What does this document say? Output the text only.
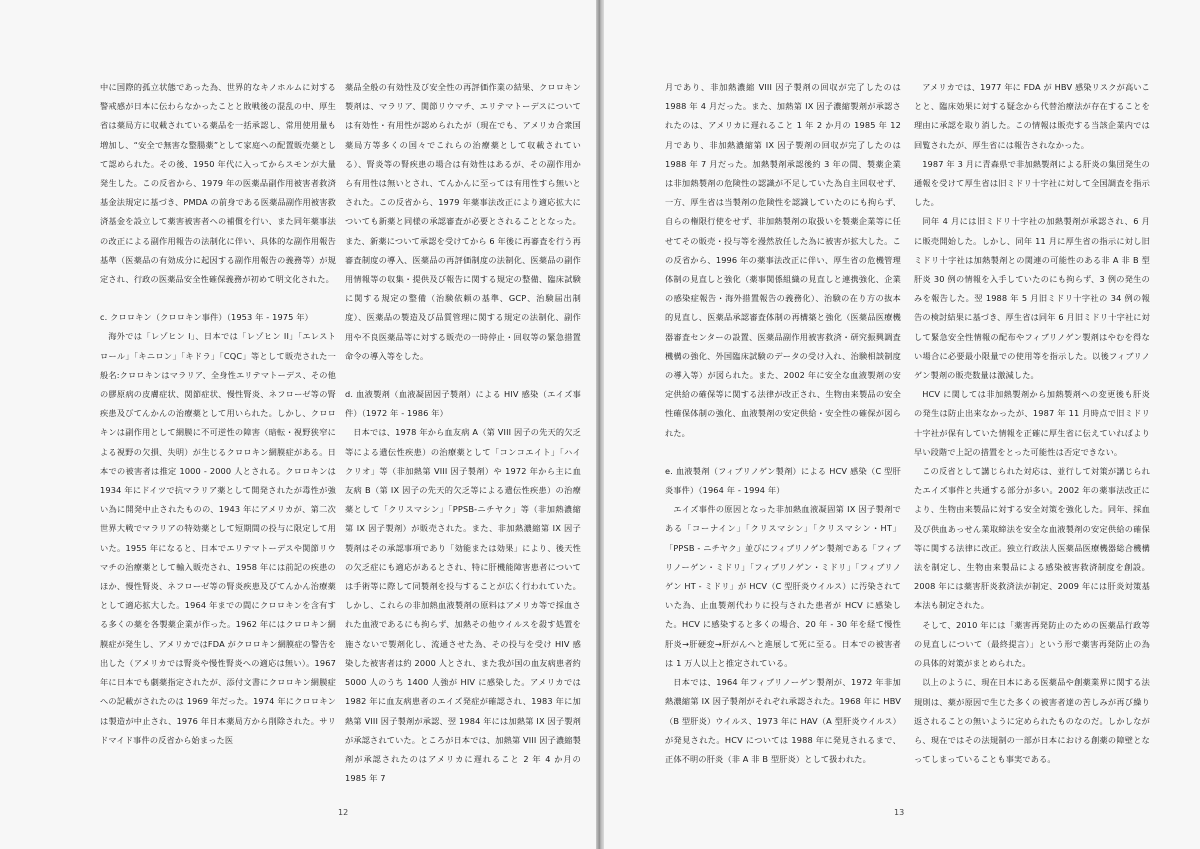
中に国際的孤立状態であった為、世界的なキノホルムに対する警戒感が日本に伝わらなかったことと敗戦後の混乱の中、厚生省は薬局方に収載されている薬品を一括承認し、常用使用量も増加し、“安全で無害な整腸薬”として家庭への配置販売薬として認められた。その後、1950 年代に入ってからスモンが大量発生した。この反省から、1979 年の医薬品副作用被害者救済基金法規定に基づき、PMDA の前身である医薬品副作用被害救済基金を設立して薬害被害者への補償を行い、また同年薬事法の改正による副作用報告の法制化に伴い、具体的な副作用報告基準（医薬品の有効成分に起因する副作用報告の義務等）が規定され、行政の医薬品安全性確保義務が初めて明文化された。

c. クロロキン（クロロキン事件）（1953 年 - 1975 年）

海外では「レゾヒン I」、日本では「レゾヒン II」「エレストロール」「キニロン」「キドラ」「CQC」等として販売された一般名:クロロキンはマラリア、全身性エリテマトーデス、その他の膠原病の皮膚症状、関節症状、慢性腎炎、ネフローゼ等の腎疾患及びてんかんの治療薬として用いられた。しかし、クロロキンは副作用として網膜に不可逆性の障害（暗転・視野狭窄による視野の欠損、失明）が生じるクロロキン網膜症がある。日本での被害者は推定 1000 - 2000 人とされる。クロロキンは 1934 年にドイツで抗マラリア薬として開発されたが毒性が強い為に開発中止されたものの、1943 年にアメリカが、第二次世界大戦でマラリアの特効薬として短期間の投与に限定して用いた。1955 年になると、日本でエリテマトーデスや関節リウマチの治療薬として輸入販売され、1958 年には前記の疾患のほか、慢性腎炎、ネフローゼ等の腎炎疾患及びてんかん治療薬として適応拡大した。1964 年までの間にクロロキンを含有する多くの薬を各製薬企業が作った。1962 年にはクロロキン網膜症が発生し、アメリカではFDA がクロロキン網膜症の警告を出した（アメリカでは腎炎や慢性腎炎への適応は無い）。1967 年に日本でも劇薬指定されたが、添付文書にクロロキン網膜症への記載がされたのは 1969 年だった。1974 年にクロロキンは製造が中止され、1976 年日本薬局方から削除された。サリドマイド事件の反省から始まった医

薬品全般の有効性及び安全性の再評価作業の結果、クロロキン製剤は、マラリア、関節リウマチ、エリテマトーデスについては有効性・有用性が認められたが（現在でも、アメリカ合衆国薬局方等多くの国々でこれらの治療薬として収載されている）、腎炎等の腎疾患の場合は有効性はあるが、その副作用から有用性は無いとされ、てんかんに至っては有用性すら無いとされた。この反省から、1979 年薬事法改正により適応拡大についても新薬と同様の承認審査が必要とされることとなった。また、新薬について承認を受けてから 6 年後に再審査を行う再審査制度の導入、医薬品の再評価制度の法制化、医薬品の副作用情報等の収集・提供及び報告に関する規定の整備、臨床試験に関する規定の整備（治験依頼の基準、GCP、治験届出制度）、医薬品の製造及び品質管理に関する規定の法制化、副作用や不良医薬品等に対する販売の一時停止・回収等の緊急措置命令の導入等をした。

d. 血液製剤（血液凝固因子製剤）による HIV 感染（エイズ事件）（1972 年 - 1986 年）

日本では、1978 年から血友病 A（第 VIII 因子の先天的欠乏等による遺伝性疾患）の治療薬として「コンコエイト」「ハイクリオ」等（非加熱第 VIII 因子製剤）や 1972 年から主に血友病 B（第 IX 因子の先天的欠乏等による遺伝性疾患）の治療薬として「クリスマシン」「PPSB-ニチヤク」等（非加熱濃縮第 IX 因子製剤）が販売された。また、非加熱濃縮第 IX 因子製剤はその承認事項であり「効能または効果」により、後天性の欠乏症にも適応があるとされ、特に肝機能障害患者については手術等に際して同製剤を投与することが広く行われていた。しかし、これらの非加熱血液製剤の原料はアメリカ等で採血された血液であるにも拘らず、加熱その他ウイルスを殺す処置を施さないで製剤化し、流通させた為、その投与を受け HIV 感染した被害者は約 2000 人とされ、また我が国の血友病患者約 5000 人のうち 1400 人強が HIV に感染した。アメリカでは 1982 年に血友病患者のエイズ発症が確認され、1983 年に加熱第 VIII 因子製剤が承認、翌 1984 年には加熱第 IX 因子製剤が承認されていた。ところが日本では、加熱第 VIII 因子濃縮製剤が承認されたのはアメリカに遅れること 2 年 4 か月の 1985 年 7

12

月であり、非加熱濃縮 VIII 因子製剤の回収が完了したのは 1988 年 4 月だった。また、加熱第 IX 因子濃縮製剤が承認されたのは、アメリカに遅れること 1 年 2 か月の 1985 年 12 月であり、非加熱濃縮第 IX 因子製剤の回収が完了したのは 1988 年 7 月だった。加熱製剤承認後約 3 年の間、製薬企業は非加熱製剤の危険性の認識が不足していた為自主回収せず、一方、厚生省は当製剤の危険性を認識していたのにも拘らず、自らの権限行使をせず、非加熱製剤の取扱いを製薬企業等に任せてその販売・投与等を漫然放任した為に被害が拡大した。この反省から、1996 年の薬事法改正に伴い、厚生省の危機管理体制の見直しと強化（薬事関係組織の見直しと連携強化、企業の感染症報告・海外措置報告の義務化）、治験の在り方の抜本的見直し、医薬品承認審査体制の再構築と強化（医薬品医療機器審査センターの設置、医薬品副作用被害救済・研究振興調査機構の強化、外国臨床試験のデータの受け入れ、治験相談制度の導入等）が図られた。また、2002 年に安全な血液製剤の安定供給の確保等に関する法律が改正され、生物由来製品の安全性確保体制の強化、血液製剤の安定供給・安全性の確保が図られた。

e. 血液製剤（フィブリノゲン製剤）による HCV 感染（C 型肝炎事件）（1964 年 - 1994 年）

エイズ事件の原因となった非加熱血液凝固第 IX 因子製剤である「コーナイン」「クリスマシン」「クリスマシン・HT」「PPSB - ニチヤク」並びにフィブリノゲン製剤である「フィブリノーゲン・ミドリ」「フィブリノゲン・ミドリ」「フィブリノゲン HT - ミドリ」が HCV（C 型肝炎ウイルス）に汚染されていた為、止血製剤代わりに投与された患者が HCV に感染した。HCV に感染すると多くの場合、20 年 - 30 年を経て慢性肝炎→肝硬変→肝がんへと進展して死に至る。日本での被害者は 1 万人以上と推定されている。

日本では、1964 年フィブリノーゲン製剤が、1972 年非加熱濃縮第 IX 因子製剤がそれぞれ承認された。1968 年に HBV（B 型肝炎）ウイルス、1973 年に HAV（A 型肝炎ウイルス）が発見された。HCV については 1988 年に発見されるまで、正体不明の肝炎（非 A 非 B 型肝炎）として扱われた。

アメリカでは、1977 年に FDA が HBV 感染リスクが高いことと、臨床効果に対する疑念から代替治療法が存在することを理由に承認を取り消した。この情報は販売する当該企業内では回覧されたが、厚生省には報告されなかった。

1987 年 3 月に青森県で非加熱製剤による肝炎の集団発生の通報を受けて厚生省は旧ミドリ十字社に対して全国調査を指示した。

同年 4 月には旧ミドリ十字社の加熱製剤が承認され、6 月に販売開始した。しかし、同年 11 月に厚生省の指示に対し旧ミドリ十字社は加熱製剤との関連の可能性のある非 A 非 B 型肝炎 30 例の情報を入手していたのにも拘らず、3 例の発生のみを報告した。翌 1988 年 5 月旧ミドリ十字社の 34 例の報告の検討結果に基づき、厚生省は同年 6 月旧ミドリ十字社に対して緊急安全性情報の配布やフィブリノゲン製剤はやむを得ない場合に必要最小限量での使用等を指示した。以後フィブリノゲン製剤の販売数量は激減した。

HCV に関しては非加熱製剤から加熱製剤への変更後も肝炎の発生は防止出来なかったが、1987 年 11 月時点で旧ミドリ十字社が保有していた情報を正確に厚生省に伝えていればより早い段階で上記の措置をとった可能性は否定できない。

この反省として講じられた対応は、並行して対策が講じられたエイズ事件と共通する部分が多い。2002 年の薬事法改正により、生物由来製品に対する安全対策を強化した。同年、採血及び供血あっせん業取締法を安全な血液製剤の安定供給の確保等に関する法律に改正。独立行政法人医薬品医療機器総合機構法を制定し、生物由来製品による感染被害救済制度を創設。2008 年には薬害肝炎救済法が制定、2009 年には肝炎対策基本法も制定された。

そして、2010 年には「薬害再発防止のための医薬品行政等の見直しについて（最終提言）」という形で薬害再発防止の為の具体的対策がまとめられた。

以上のように、現在日本にある医薬品や創薬業界に関する法規則は、薬が原因で生じた多くの被害者達の苦しみが再び繰り返されることの無いように定められたものなのだ。しかしながら、現在ではその法規制の一部が日本における創薬の障壁となってしまっていることも事実である。

13
